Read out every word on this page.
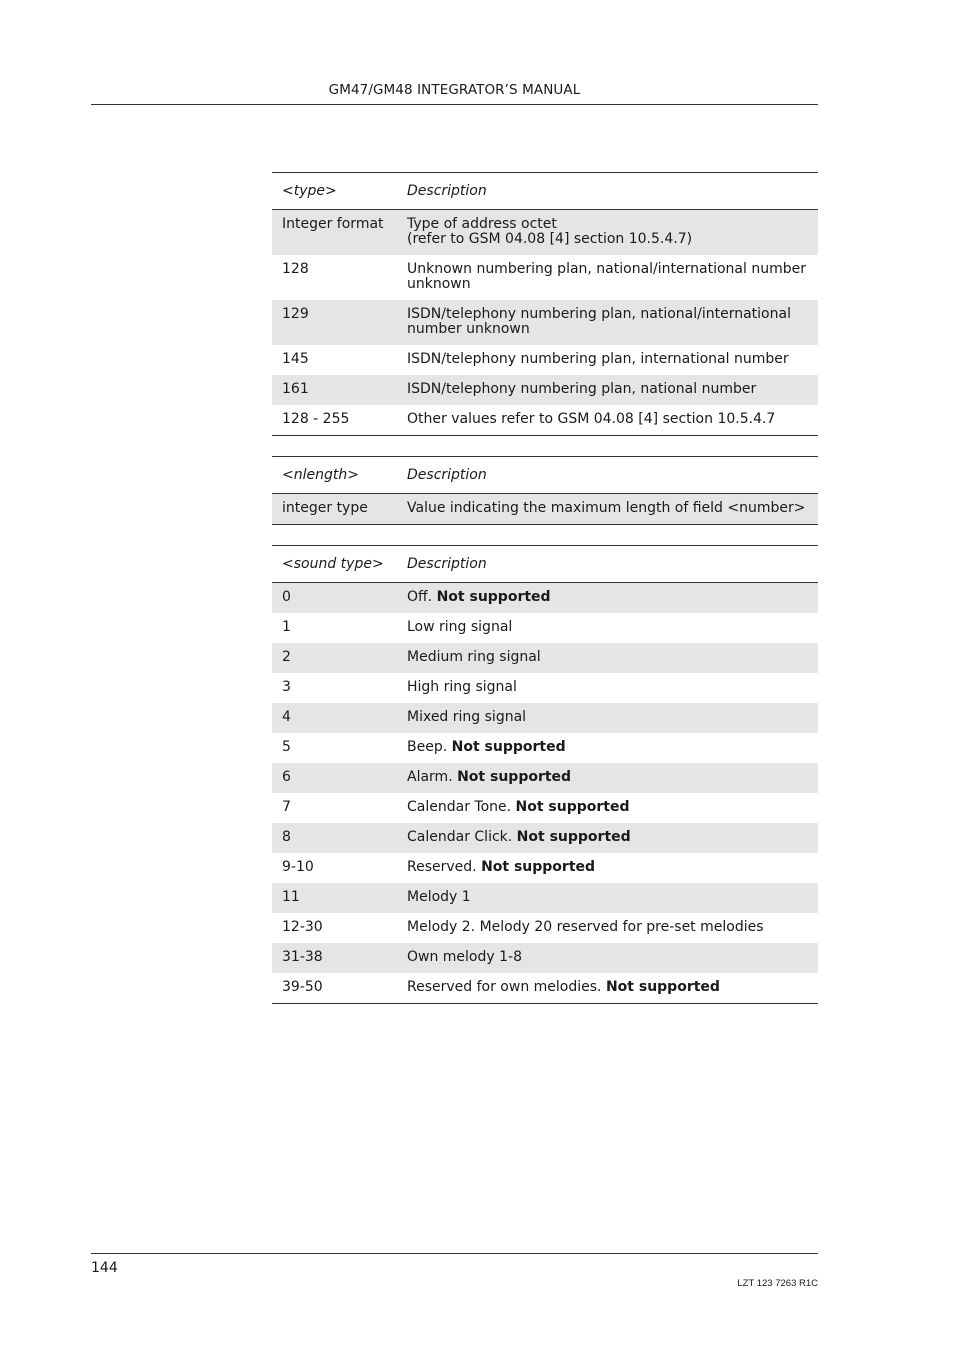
GM47/GM48 INTEGRATOR’S MANUAL
<type>	Description
Integer format	Type of address octet
(refer to GSM 04.08 [4] section 10.5.4.7)

128	Unknown numbering plan, national/international number unknown
129	ISDN/telephony numbering plan, national/international number unknown
145	ISDN/telephony numbering plan, international number
161	ISDN/telephony numbering plan, national number
128 - 255	Other values refer to GSM 04.08 [4] section 10.5.4.7
<nlength>	Description
integer type	Value indicating the maximum length of field <number>
<sound type>	Description
0	Off. Not supported
1	Low ring signal
2	Medium ring signal
3	High ring signal
4	Mixed ring signal
5	Beep. Not supported
6	Alarm. Not supported
7	Calendar Tone. Not supported
8	Calendar Click. Not supported
9-10	Reserved. Not supported
11	Melody 1
12-30	Melody 2. Melody 20 reserved for pre-set melodies
31-38	Own melody 1-8
39-50	Reserved for own melodies. Not supported
144
LZT 123 7263 R1C
